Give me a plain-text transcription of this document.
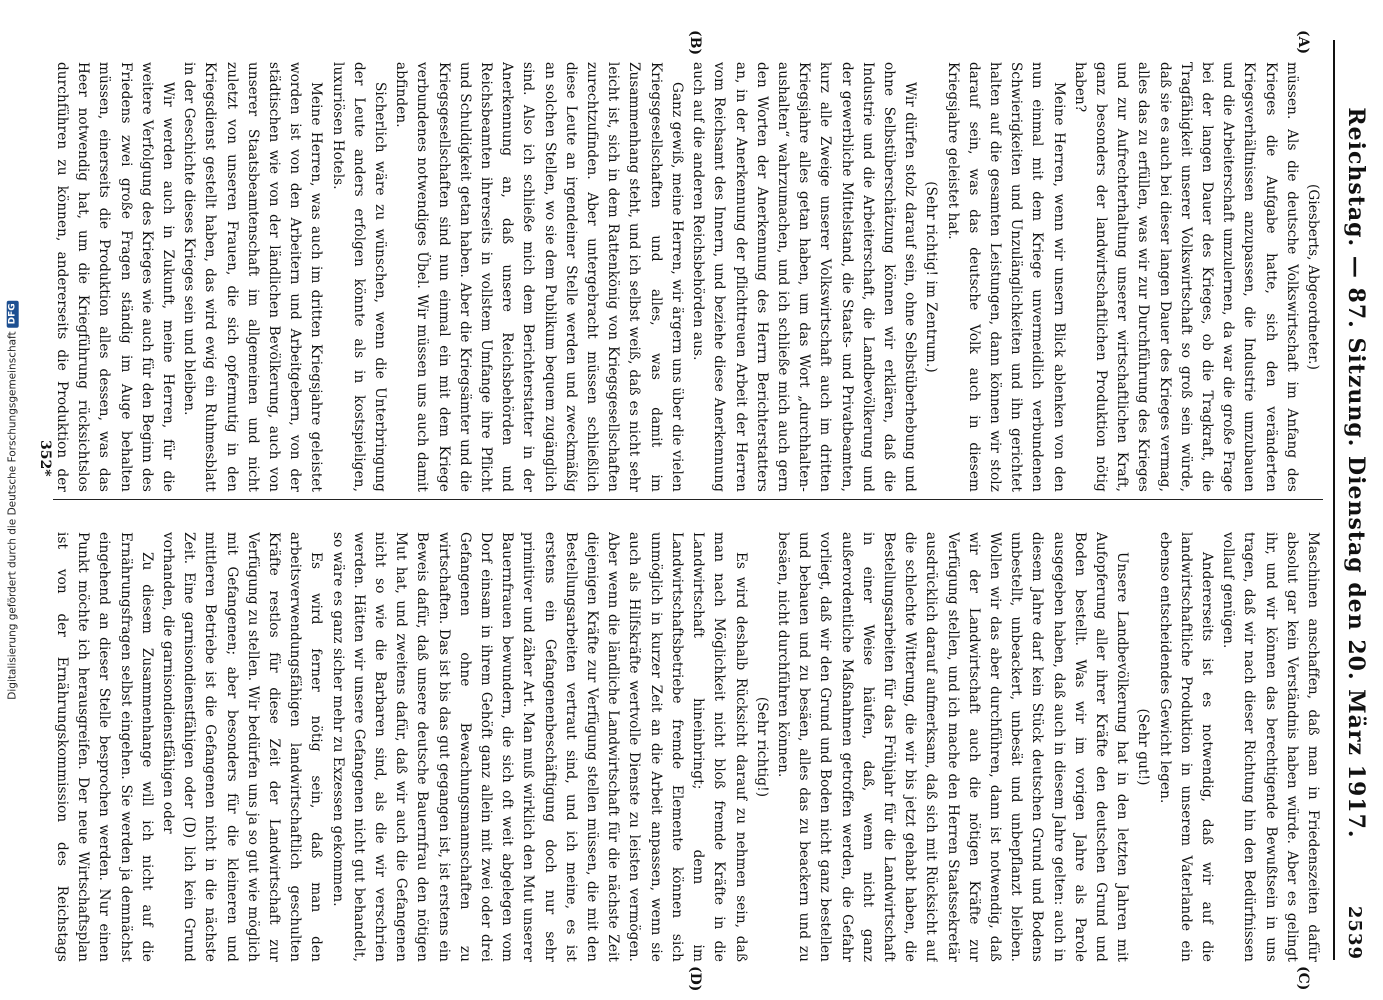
Reichstag. — 87. Sitzung. Dienstag den 20. März 1917.
2539
(A)
(B)
(C)
(D)

(Giesberts, Abgeordneter.)

müssen. Als die deutsche Volkswirtschaft im Anfang des Krieges die Aufgabe hatte, sich den veränderten Kriegsverhältnissen anzupassen, die Industrie umzubauen und die Arbeiterschaft umzulernen, da war die große Frage bei der langen Dauer des Krieges, ob die Tragkraft, die Tragfähigkeit unserer Volkswirtschaft so groß sein würde, daß sie es auch bei dieser langen Dauer des Krieges vermag, alles das zu erfüllen, was wir zur Durchführung des Krieges und zur Aufrechterhaltung unserer wirtschaftlichen Kraft, ganz besonders der landwirtschaftlichen Produktion nötig haben?

Meine Herren, wenn wir unsern Blick ablenken von den nun einmal mit dem Kriege unvermeidlich verbundenen Schwierigkeiten und Unzulänglichkeiten und ihn gerichtet halten auf die gesamten Leistungen, dann können wir stolz darauf sein, was das deutsche Volk auch in diesem Kriegsjahre geleistet hat.

(Sehr richtig! im Zentrum.)

Wir dürfen stolz darauf sein, ohne Selbstüberhebung und ohne Selbstüberschätzung können wir erklären, daß die Industrie und die Arbeiterschaft, die Landbevölkerung und der gewerbliche Mittelstand, die Staats- und Privatbeamten, kurz alle Zweige unserer Volkswirtschaft auch im dritten Kriegsjahre alles getan haben, um das Wort „durchhalten-aushalten“ wahrzumachen, und ich schließe mich auch gern den Worten der Anerkennung des Herrn Berichterstatters an, in der Anerkennung der pflichttreuen Arbeit der Herren vom Reichsamt des Innern, und beziehe diese Anerkennung auch auf die anderen Reichsbehörden aus.

Ganz gewiß, meine Herren, wir ärgern uns über die vielen Kriegsgesellschaften und alles, was damit im Zusammenhang steht, und ich selbst weiß, daß es nicht sehr leicht ist, sich in dem Rattenkönig von Kriegsgesellschaften zurechtzufinden. Aber untergebracht müssen schließlich diese Leute an irgendeiner Stelle werden und zweckmäßig an solchen Stellen, wo sie dem Publikum bequem zugänglich sind. Also ich schließe mich dem Berichterstatter in der Anerkennung an, daß unsere Reichsbehörden und Reichsbeamten ihrerseits in vollstem Umfange ihre Pflicht und Schuldigkeit getan haben. Aber die Kriegsämter und die Kriegsgesellschaften sind nun einmal ein mit dem Kriege verbundenes notwendiges Übel. Wir müssen uns auch damit abfinden.

Sicherlich wäre zu wünschen, wenn die Unterbringung der Leute anders erfolgen könnte als in kostspieligen, luxuriösen Hotels.

Meine Herren, was auch im dritten Kriegsjahre geleistet worden ist von den Arbeitern und Arbeitgebern, von der städtischen wie von der ländlichen Bevölkerung, auch von unserer Staatsbeamtenschaft im allgemeinen und nicht zuletzt von unseren Frauen, die sich opfermutig in den Kriegsdienst gestellt haben, das wird ewig ein Ruhmesblatt in der Geschichte dieses Krieges sein und bleiben.

Wir werden auch in Zukunft, meine Herren, für die weitere Verfolgung des Krieges wie auch für den Beginn des Friedens zwei große Fragen ständig im Auge behalten müssen, einerseits die Produktion alles dessen, was das Heer notwendig hat, um die Kriegführung rücksichtslos durchführen zu können, andererseits die Produktion der

Maschinen anschaffen, daß man in Friedenszeiten dafür absolut gar kein Verständnis haben würde. Aber es gelingt ihr, und wir können das berechtigende Bewußtsein in uns tragen, daß wir nach dieser Richtung hin den Bedürfnissen vollauf genügen.

Andererseits ist es notwendig, daß wir auf die landwirtschaftliche Produktion in unserem Vaterlande ein ebenso entscheidendes Gewicht legen.

(Sehr gut!)

Unsere Landbevölkerung hat in den letzten Jahren mit Aufopferung aller ihrer Kräfte den deutschen Grund und Boden bestellt. Was wir im vorigen Jahre als Parole ausgegeben haben, daß auch in diesem Jahre gelten: auch in diesem Jahre darf kein Stück deutschen Grund und Bodens unbestellt, unbeackert, unbesät und unbepflanzt bleiben. Wollen wir das aber durchführen, dann ist notwendig, daß wir der Landwirtschaft auch die nötigen Kräfte zur Verfügung stellen, und ich mache den Herren Staatssekretär ausdrücklich darauf aufmerksam, daß sich mit Rücksicht auf die schlechte Witterung, die wir bis jetzt gehabt haben, die Bestellungsarbeiten für das Frühjahr für die Landwirtschaft in einer Weise häufen, daß, wenn nicht ganz außerordentliche Maßnahmen getroffen werden, die Gefahr vorliegt, daß wir den Grund und Boden nicht ganz bestellen und bebauen und zu besäen, alles das zu beackern und zu besäen, nicht durchführen können.

(Sehr richtig!)

Es wird deshalb Rücksicht darauf zu nehmen sein, daß man nach Möglichkeit nicht bloß fremde Kräfte in die Landwirtschaft hineinbringt; denn im Landwirtschaftsbetriebe fremde Elemente können sich unmöglich in kurzer Zeit an die Arbeit anpassen, wenn sie auch als Hilfskräfte wertvolle Dienste zu leisten vermögen. Aber wenn die ländliche Landwirtschaft für die nächste Zeit diejenigen Kräfte zur Verfügung stellen müssen, die mit den Bestellungsarbeiten vertraut sind, und ich meine, es ist erstens ein Gefangenenbeschäftigung doch nur sehr primitiver und zäher Art. Man muß wirklich den Mut unserer Bauernfrauen bewundern, die sich oft weit abgelegen vom Dorf einsam in ihrem Gehöft ganz allein mit zwei oder drei Gefangenen ohne Bewachungsmannschaften zu wirtschaften. Das ist bis das gut gegangen ist, ist erstens ein Beweis dafür, daß unsere deutsche Bauernfrau den nötigen Mut hat, und zweitens dafür, daß wir auch die Gefangenen nicht so wie die Barbaren sind, als die wir verschrien werden. Hätten wir unsere Gefangenen nicht gut behandelt, so wäre es ganz sicher mehr zu Exzessen gekommen.

Es wird ferner nötig sein, daß man den arbeitsverwendungsfähigen landwirtschaftlich geschulten Kräfte restlos für diese Zeit der Landwirtschaft zur Verfügung zu stellen. Wir bedürfen uns ja so gut wie möglich mit Gefangenen; aber besonders für die kleineren und mittleren Betriebe ist die Gefangenen nicht in die nächste Zeit. Eine garnisondienstfähigen oder (D) lich kein Grund vorhanden, die garnisondienstfähigen oder

Zu diesem Zusammenhange will ich nicht auf die Ernährungsfragen selbst eingehen. Sie werden ja demnächst eingehend an dieser Stelle besprochen werden. Nur einen Punkt möchte ich herausgreifen. Der neue Wirtschaftsplan ist von der Ernährungskommission des Reichstags

352*
Digitalisierung gefördert durch die Deutsche Forschungsgemeinschaft
DFG
